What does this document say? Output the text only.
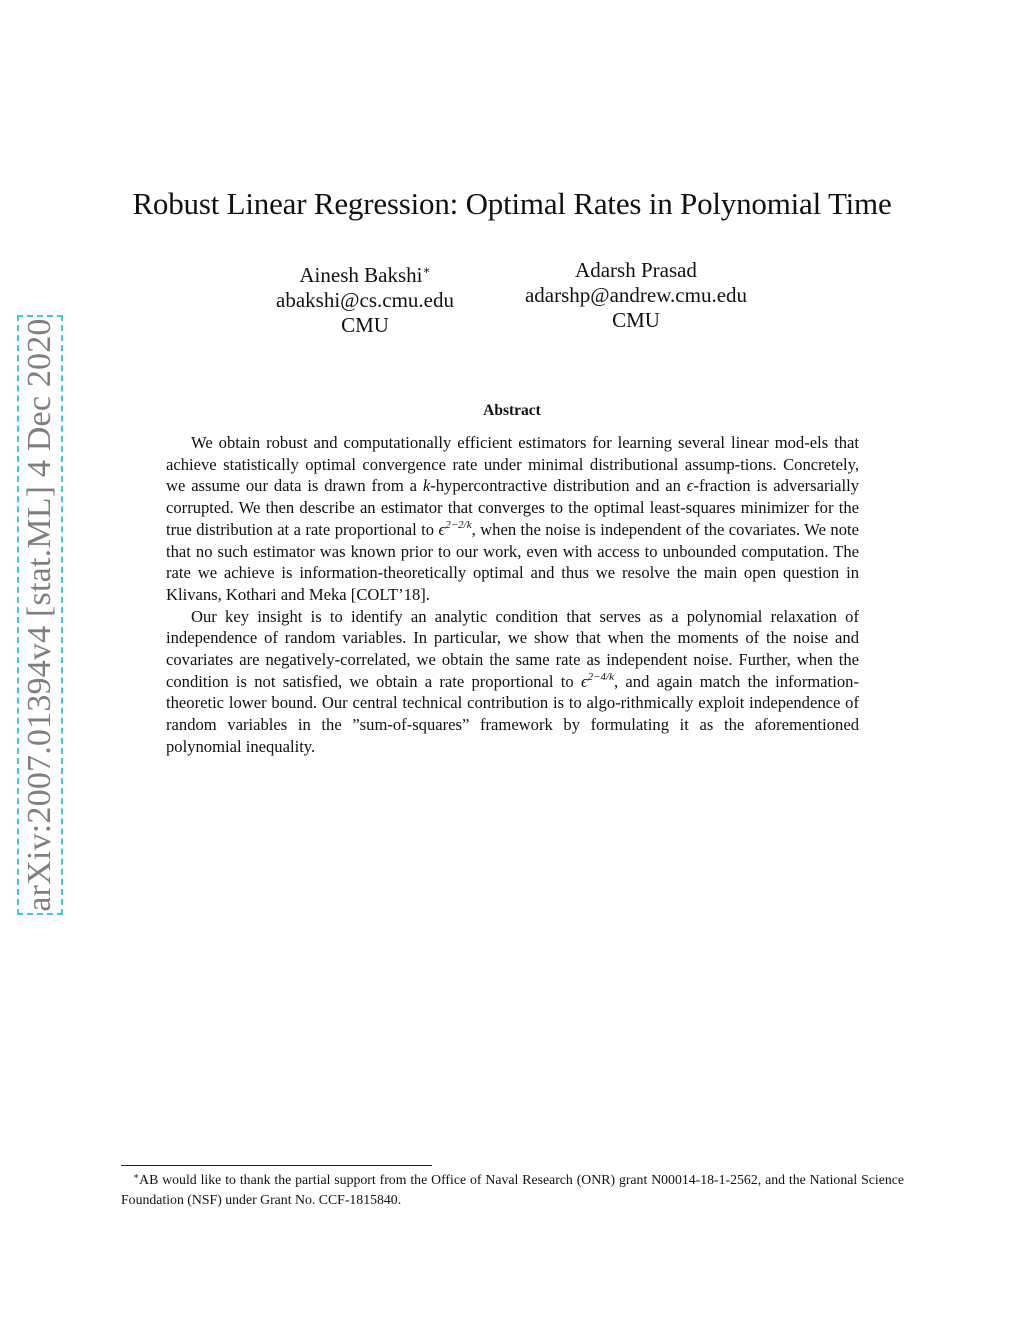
arXiv:2007.01394v4 [stat.ML] 4 Dec 2020
Robust Linear Regression: Optimal Rates in Polynomial Time
Ainesh Bakshi∗
abakshi@cs.cmu.edu
CMU
Adarsh Prasad
adarshp@andrew.cmu.edu
CMU
Abstract

We obtain robust and computationally efficient estimators for learning several linear mod-els that achieve statistically optimal convergence rate under minimal distributional assump-tions. Concretely, we assume our data is drawn from a k-hypercontractive distribution and an ϵ-fraction is adversarially corrupted. We then describe an estimator that converges to the optimal least-squares minimizer for the true distribution at a rate proportional to $\epsilon^{2-2/k}$, when the noise is independent of the covariates. We note that no such estimator was known prior to our work, even with access to unbounded computation. The rate we achieve is information-theoretically optimal and thus we resolve the main open question in Klivans, Kothari and Meka [COLT’18].

Our key insight is to identify an analytic condition that serves as a polynomial relaxation of independence of random variables. In particular, we show that when the moments of the noise and covariates are negatively-correlated, we obtain the same rate as independent noise. Further, when the condition is not satisfied, we obtain a rate proportional to $\epsilon^{2-4/k}$, and again match the information-theoretic lower bound. Our central technical contribution is to algo-rithmically exploit independence of random variables in the ”sum-of-squares” framework by formulating it as the aforementioned polynomial inequality.

∗AB would like to thank the partial support from the Office of Naval Research (ONR) grant N00014-18-1-2562, and the National Science Foundation (NSF) under Grant No. CCF-1815840.
